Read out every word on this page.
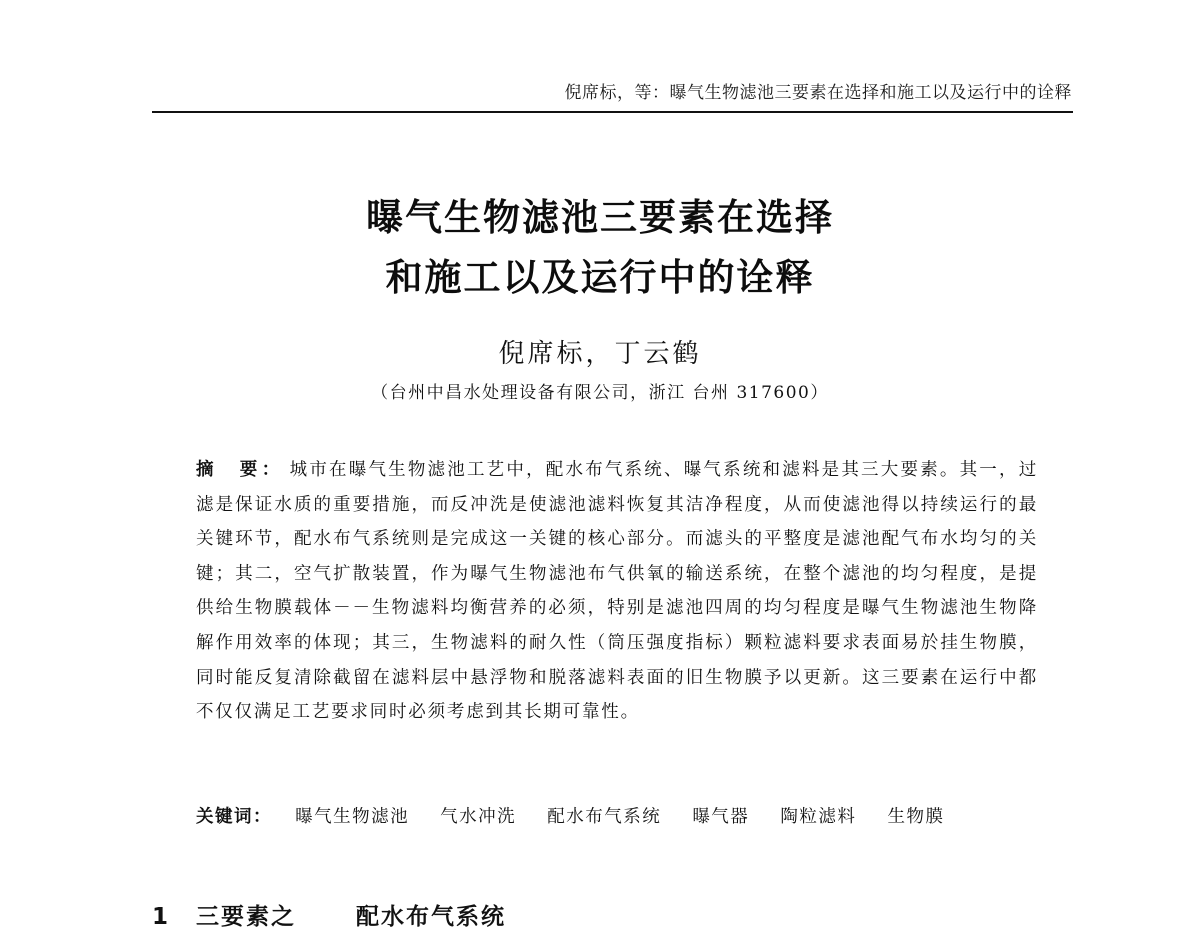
倪席标，等：曝气生物滤池三要素在选择和施工以及运行中的诠释
曝气生物滤池三要素在选择
和施工以及运行中的诠释
倪席标，丁云鹤
（台州中昌水处理设备有限公司，浙江 台州 317600）

摘　要： 城市在曝气生物滤池工艺中，配水布气系统、曝气系统和滤料是其三大要素。其一，过滤是保证水质的重要措施，而反冲洗是使滤池滤料恢复其洁净程度，从而使滤池得以持续运行的最关键环节，配水布气系统则是完成这一关键的核心部分。而滤头的平整度是滤池配气布水均匀的关键；其二，空气扩散装置，作为曝气生物滤池布气供氧的输送系统，在整个滤池的均匀程度，是提供给生物膜载体－－生物滤料均衡营养的必须，特别是滤池四周的均匀程度是曝气生物滤池生物降解作用效率的体现；其三，生物滤料的耐久性（筒压强度指标）颗粒滤料要求表面易於挂生物膜，同时能反复清除截留在滤料层中悬浮物和脱落滤料表面的旧生物膜予以更新。这三要素在运行中都不仅仅满足工艺要求同时必须考虑到其长期可靠性。

关键词： 曝气生物滤池 气水冲洗 配水布气系统 曝气器 陶粒滤料 生物膜
1 三要素之	配水布气系统
